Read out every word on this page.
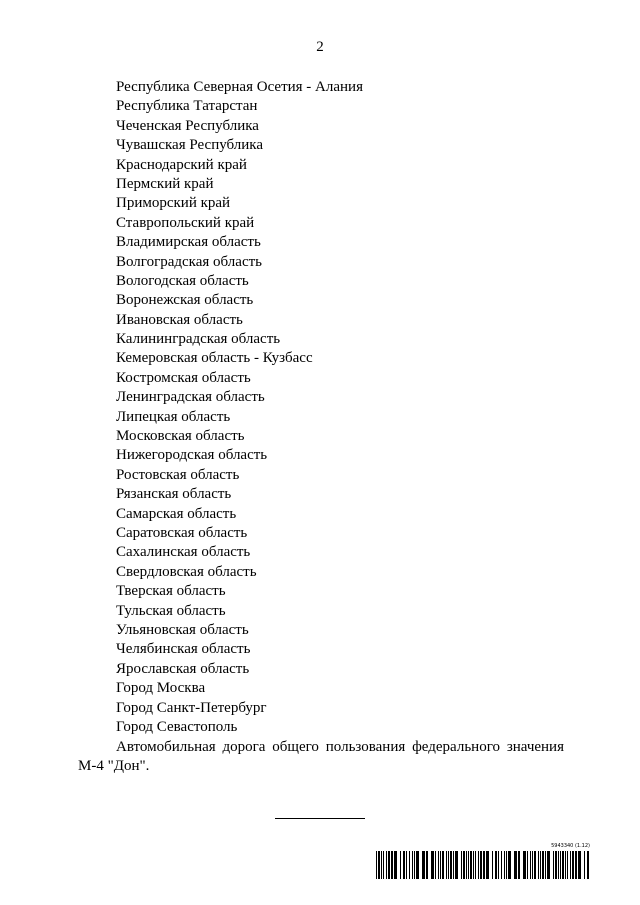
2
Республика Северная Осетия - Алания
Республика Татарстан
Чеченская Республика
Чувашская Республика
Краснодарский край
Пермский край
Приморский край
Ставропольский край
Владимирская область
Волгоградская область
Вологодская область
Воронежская область
Ивановская область
Калининградская область
Кемеровская область - Кузбасс
Костромская область
Ленинградская область
Липецкая область
Московская область
Нижегородская область
Ростовская область
Рязанская область
Самарская область
Саратовская область
Сахалинская область
Свердловская область
Тверская область
Тульская область
Ульяновская область
Челябинская область
Ярославская область
Город Москва
Город Санкт-Петербург
Город Севастополь

Автомобильная дорога общего пользования федерального значения М-4 "Дон".

5943340 (1.12)
